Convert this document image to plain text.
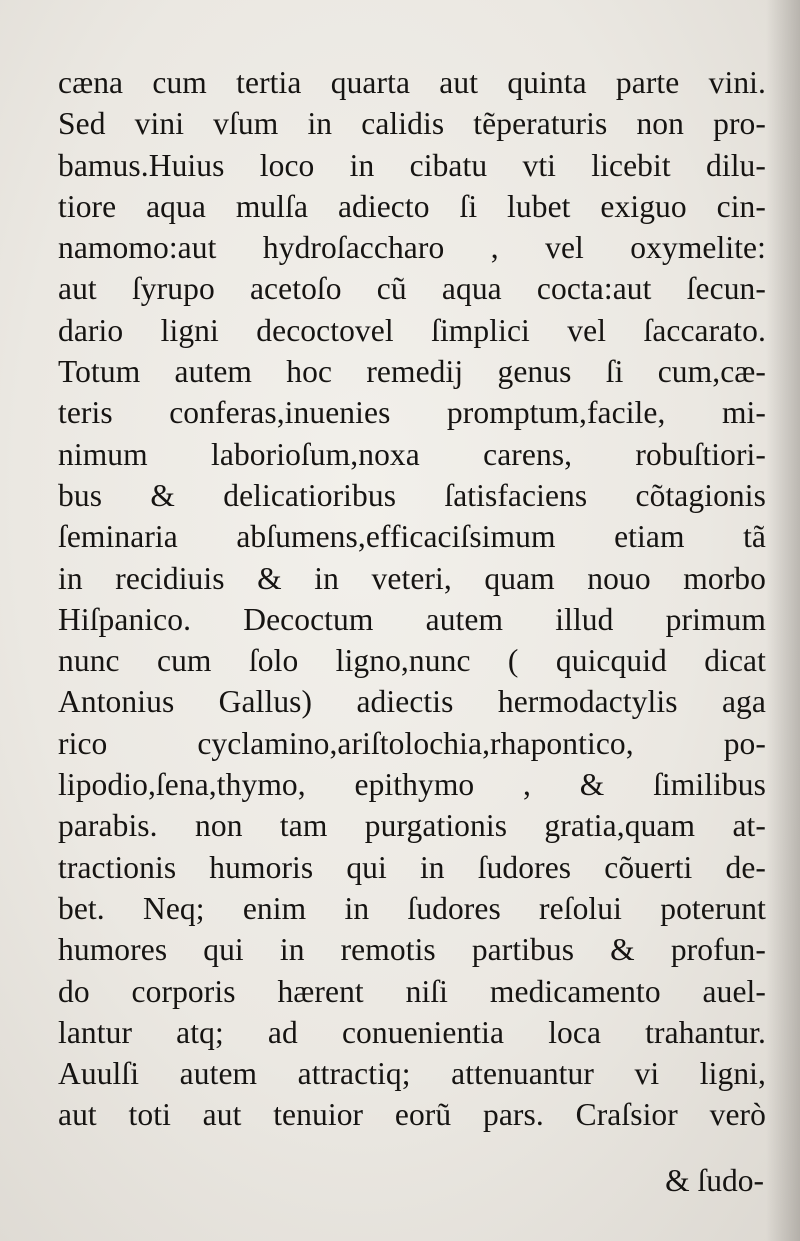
cæna cum tertia quarta aut quinta parte vini.
Sed vini vſum in calidis tẽperaturis non pro-
bamus.Huius loco in cibatu vti licebit dilu-
tiore aqua mulſa adiecto ſi lubet exiguo cin-
namomo:aut hydroſaccharo , vel oxymelite:
aut ſyrupo acetoſo cũ aqua cocta:aut ſecun-
dario ligni decoctovel ſimplici vel ſaccarato.
Totum autem hoc remedij genus ſi cum,cæ-
teris conferas,inuenies promptum,facile, mi-
nimum laborioſum,noxa carens, robuſtiori-
bus & delicatioribus ſatisfaciens cõtagionis
ſeminaria abſumens,efficaciſsimum etiam tã
in recidiuis & in veteri, quam nouo morbo
Hiſpanico. Decoctum autem illud primum
nunc cum ſolo ligno,nunc ( quicquid dicat
Antonius Gallus) adiectis hermodactylis aga
rico cyclamino,ariſtolochia,rhapontico, po-
lipodio,ſena,thymo, epithymo , & ſimilibus
parabis. non tam purgationis gratia,quam at-
tractionis humoris qui in ſudores cõuerti de-
bet. Neq; enim in ſudores reſolui poterunt
humores qui in remotis partibus & profun-
do corporis hærent niſi medicamento auel-
lantur atq; ad conuenientia loca trahantur.
Auulſi autem attractiq; attenuantur vi ligni,
aut toti aut tenuior eorũ pars. Craſsior verò
& ſudo-
